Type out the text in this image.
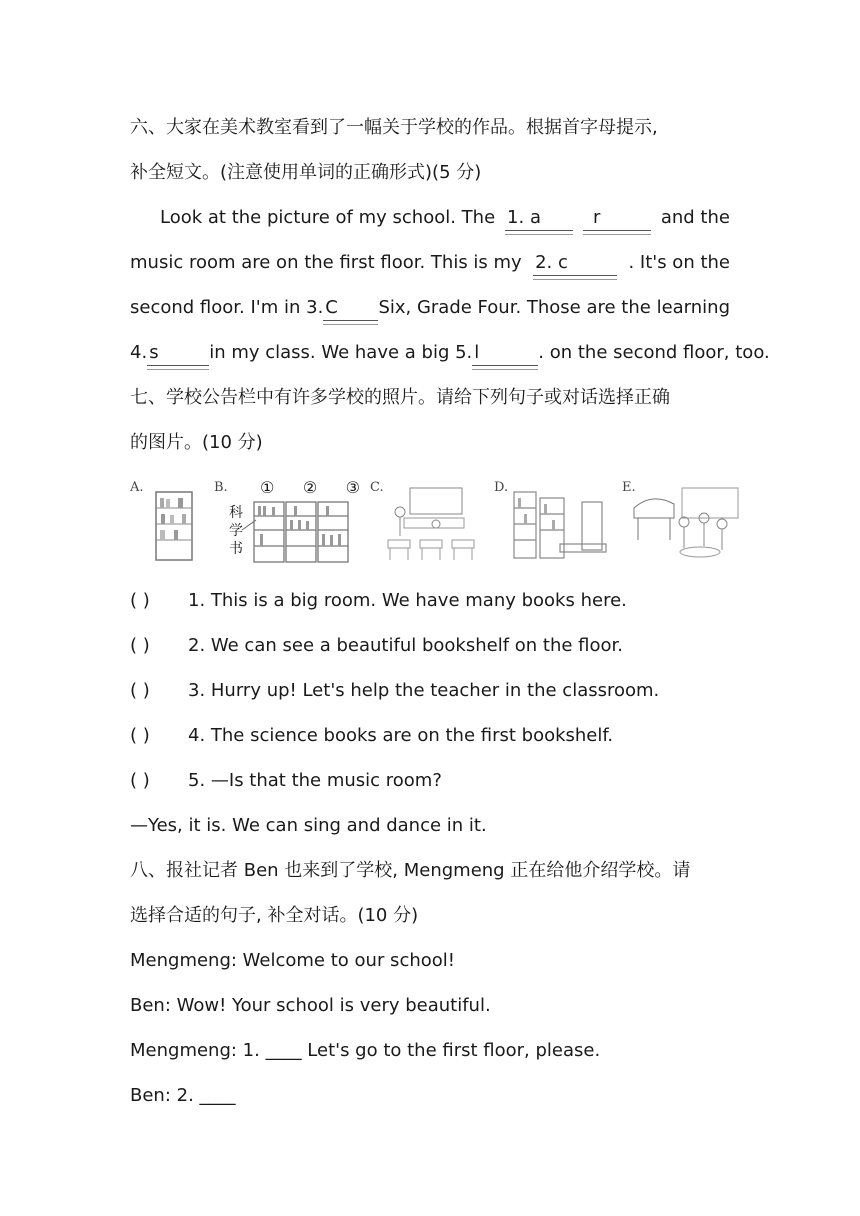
六、大家在美术教室看到了一幅关于学校的作品。根据首字母提示,
补全短文。(注意使用单词的正确形式)(5 分)
Look at the picture of my school. The 1. a	r	and the
music room are on the first floor. This is my 2. c	. It's on the
second floor. I'm in 3. C	Six, Grade Four. Those are the learning
4. s	in my class. We have a big 5. l	. on the second floor, too.
七、学校公告栏中有许多学校的照片。请给下列句子或对话选择正确
的图片。(10 分)
A.	B. ① ② ③
科
学
书
C.	D.	E.
( ) 1. This is a big room. We have many books here.
( ) 2. We can see a beautiful bookshelf on the floor.
( ) 3. Hurry up! Let's help the teacher in the classroom.
( ) 4. The science books are on the first bookshelf.
( ) 5. —Is that the music room?
—Yes, it is. We can sing and dance in it.
八、报社记者 Ben 也来到了学校, Mengmeng 正在给他介绍学校。请
选择合适的句子, 补全对话。(10 分)
Mengmeng: Welcome to our school!
Ben: Wow! Your school is very beautiful.
Mengmeng: 1. ____ Let's go to the first floor, please.
Ben: 2. ____
